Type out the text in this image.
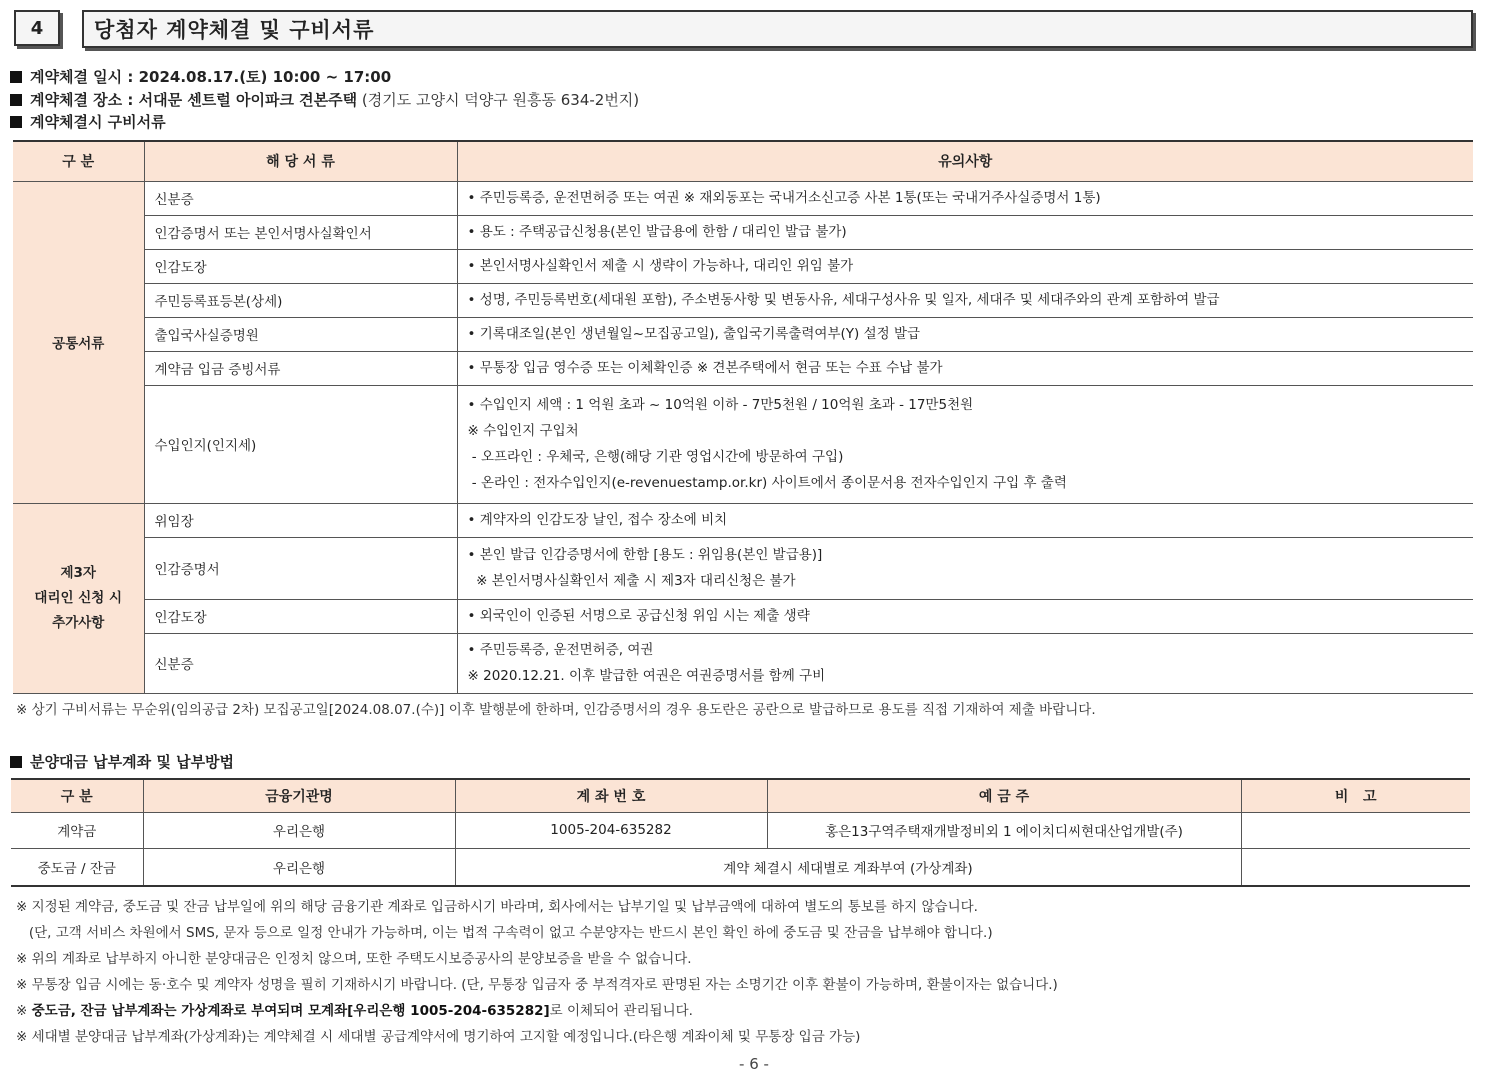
4	당첨자 계약체결 및 구비서류
계약체결 일시 : 2024.08.17.(토) 10:00 ~ 17:00
계약체결 장소 : 서대문 센트럴 아이파크 견본주택 (경기도 고양시 덕양구 원흥동 634-2번지)
계약체결시 구비서류
구 분	해 당 서 류	유의사항
공통서류	신분증	• 주민등록증, 운전면허증 또는 여권 ※ 재외동포는 국내거소신고증 사본 1통(또는 국내거주사실증명서 1통)
	인감증명서 또는 본인서명사실확인서	• 용도 : 주택공급신청용(본인 발급용에 한함 / 대리인 발급 불가)
	인감도장	• 본인서명사실확인서 제출 시 생략이 가능하나, 대리인 위임 불가
	주민등록표등본(상세)	• 성명, 주민등록번호(세대원 포함), 주소변동사항 및 변동사유, 세대구성사유 및 일자, 세대주 및 세대주와의 관계 포함하여 발급
	출입국사실증명원	• 기록대조일(본인 생년월일~모집공고일), 출입국기록출력여부(Y) 설정 발급
	계약금 입금 증빙서류	• 무통장 입금 영수증 또는 이체확인증 ※ 견본주택에서 현금 또는 수표 수납 불가
	수입인지(인지세)	• 수입인지 세액 : 1 억원 초과 ~ 10억원 이하 - 7만5천원 / 10억원 초과 - 17만5천원
※ 수입인지 구입처
- 오프라인 : 우체국, 은행(해당 기관 영업시간에 방문하여 구입)
- 온라인 : 전자수입인지(e-revenuestamp.or.kr) 사이트에서 종이문서용 전자수입인지 구입 후 출력

제3자
대리인 신청 시
추가사항	위임장	• 계약자의 인감도장 날인, 접수 장소에 비치
	인감증명서	• 본인 발급 인감증명서에 한함 [용도 : 위임용(본인 발급용)]
※ 본인서명사실확인서 제출 시 제3자 대리신청은 불가

	인감도장	• 외국인이 인증된 서명으로 공급신청 위임 시는 제출 생략
	신분증	• 주민등록증, 운전면허증, 여권
※ 2020.12.21. 이후 발급한 여권은 여권증명서를 함께 구비
※ 상기 구비서류는 무순위(임의공급 2차) 모집공고일[2024.08.07.(수)] 이후 발행분에 한하며, 인감증명서의 경우 용도란은 공란으로 발급하므로 용도를 직접 기재하여 제출 바랍니다.
분양대금 납부계좌 및 납부방법
구 분	금융기관명	계 좌 번 호	예 금 주	비   고
계약금	우리은행	1005-204-635282	홍은13구역주택재개발정비외 1 에이치디씨현대산업개발(주)	
중도금 / 잔금	우리은행	계약 체결시 세대별로 계좌부여 (가상계좌)		
※ 지정된 계약금, 중도금 및 잔금 납부일에 위의 해당 금융기관 계좌로 입금하시기 바라며, 회사에서는 납부기일 및 납부금액에 대하여 별도의 통보를 하지 않습니다.
(단, 고객 서비스 차원에서 SMS, 문자 등으로 일정 안내가 가능하며, 이는 법적 구속력이 없고 수분양자는 반드시 본인 확인 하에 중도금 및 잔금을 납부해야 합니다.)
※ 위의 계좌로 납부하지 아니한 분양대금은 인정치 않으며, 또한 주택도시보증공사의 분양보증을 받을 수 없습니다.
※ 무통장 입금 시에는 동·호수 및 계약자 성명을 필히 기재하시기 바랍니다. (단, 무통장 입금자 중 부적격자로 판명된 자는 소명기간 이후 환불이 가능하며, 환불이자는 없습니다.)
※ 중도금, 잔금 납부계좌는 가상계좌로 부여되며 모계좌[우리은행 1005-204-635282]로 이체되어 관리됩니다.
※ 세대별 분양대금 납부계좌(가상계좌)는 계약체결 시 세대별 공급계약서에 명기하여 고지할 예정입니다.(타은행 계좌이체 및 무통장 입금 가능)
- 6 -
